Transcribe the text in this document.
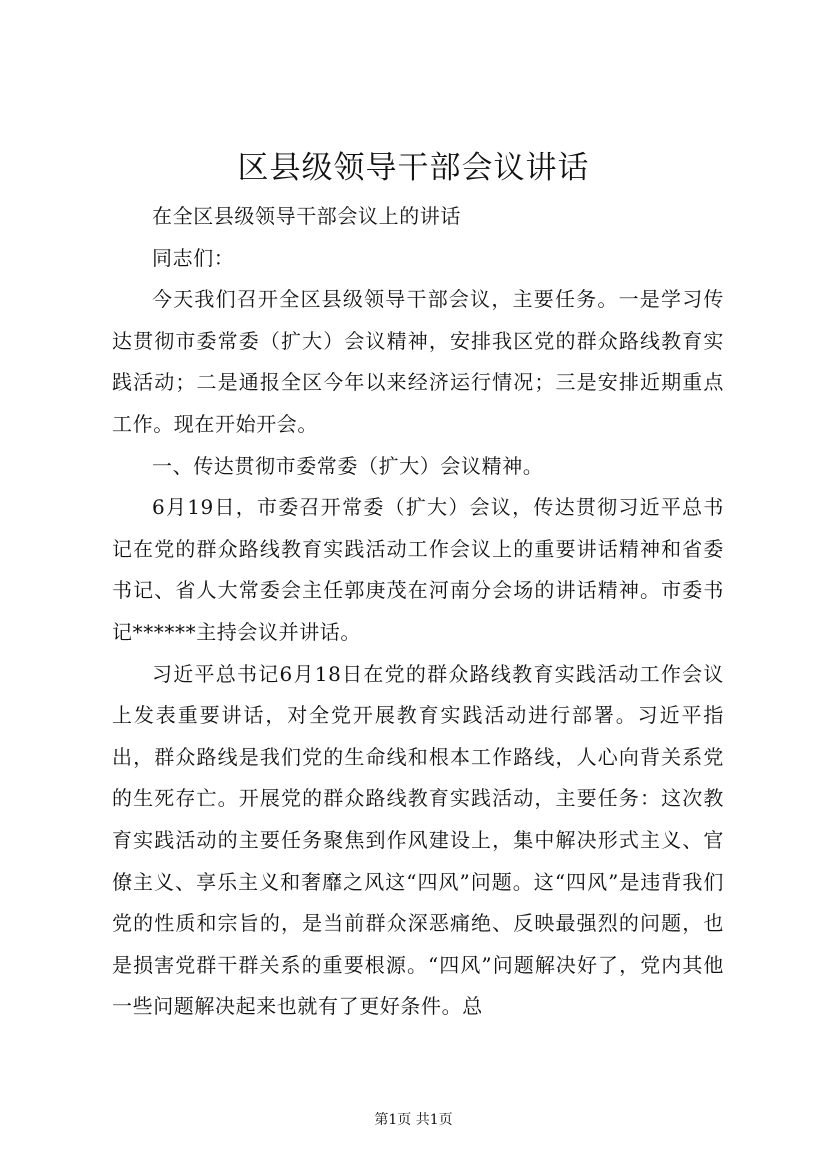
区县级领导干部会议讲话

在全区县级领导干部会议上的讲话

同志们：

今天我们召开全区县级领导干部会议，主要任务。一是学习传达贯彻市委常委（扩大）会议精神，安排我区党的群众路线教育实践活动；二是通报全区今年以来经济运行情况；三是安排近期重点工作。现在开始开会。

一、传达贯彻市委常委（扩大）会议精神。

6月19日，市委召开常委（扩大）会议，传达贯彻习近平总书记在党的群众路线教育实践活动工作会议上的重要讲话精神和省委书记、省人大常委会主任郭庚茂在河南分会场的讲话精神。市委书记******主持会议并讲话。

习近平总书记6月18日在党的群众路线教育实践活动工作会议上发表重要讲话，对全党开展教育实践活动进行部署。习近平指出，群众路线是我们党的生命线和根本工作路线，人心向背关系党的生死存亡。开展党的群众路线教育实践活动，主要任务：这次教育实践活动的主要任务聚焦到作风建设上，集中解决形式主义、官僚主义、享乐主义和奢靡之风这“四风”问题。这“四风”是违背我们党的性质和宗旨的，是当前群众深恶痛绝、反映最强烈的问题，也是损害党群干群关系的重要根源。“四风”问题解决好了，党内其他一些问题解决起来也就有了更好条件。总

第1页 共1页
